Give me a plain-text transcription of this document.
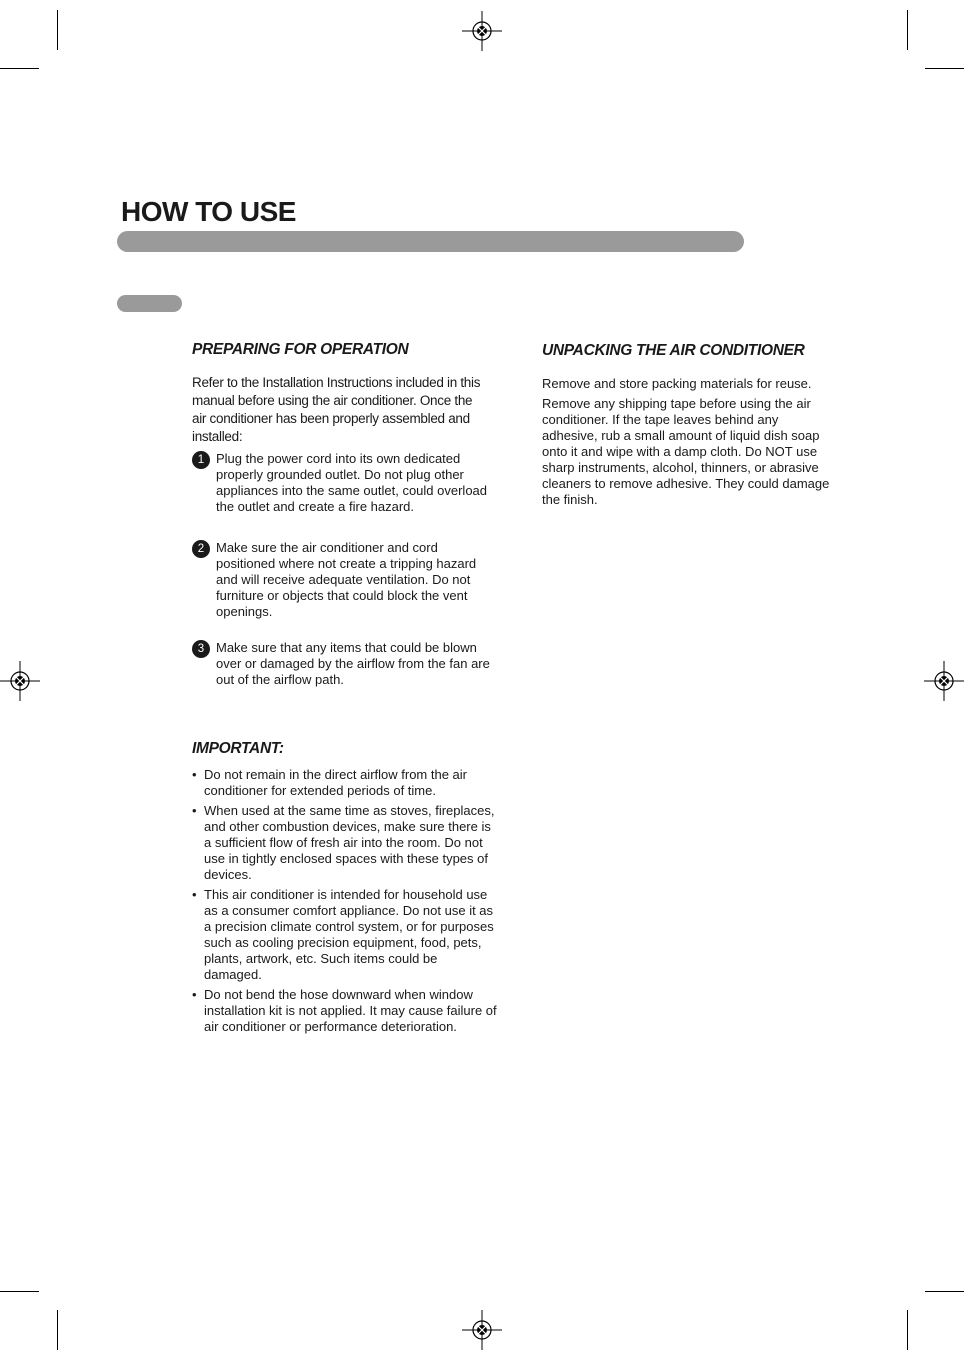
HOW TO USE
PREPARING FOR OPERATION
Refer to the Installation Instructions included in this manual before using the air conditioner. Once the air conditioner has been properly assembled and installed:
1 Plug the power cord into its own dedicated properly grounded outlet. Do not plug other appliances into the same outlet, could overload the outlet and create a fire hazard.
2 Make sure the air conditioner and cord positioned where not create a tripping hazard and will receive adequate ventilation. Do not furniture or objects that could block the vent openings.
3 Make sure that any items that could be blown over or damaged by the airflow from the fan are out of the airflow path.
IMPORTANT:
• Do not remain in the direct airflow from the air conditioner for extended periods of time.
• When used at the same time as stoves, fireplaces, and other combustion devices, make sure there is a sufficient flow of fresh air into the room. Do not use in tightly enclosed spaces with these types of devices.
• This air conditioner is intended for household use as a consumer comfort appliance. Do not use it as a precision climate control system, or for purposes such as cooling precision equipment, food, pets, plants, artwork, etc. Such items could be damaged.
• Do not bend the hose downward when window installation kit is not applied. It may cause failure of air conditioner or performance deterioration.
UNPACKING THE AIR CONDITIONER
Remove and store packing materials for reuse.
Remove any shipping tape before using the air conditioner. If the tape leaves behind any adhesive, rub a small amount of liquid dish soap onto it and wipe with a damp cloth. Do NOT use sharp instruments, alcohol, thinners, or abrasive cleaners to remove adhesive. They could damage the finish.
